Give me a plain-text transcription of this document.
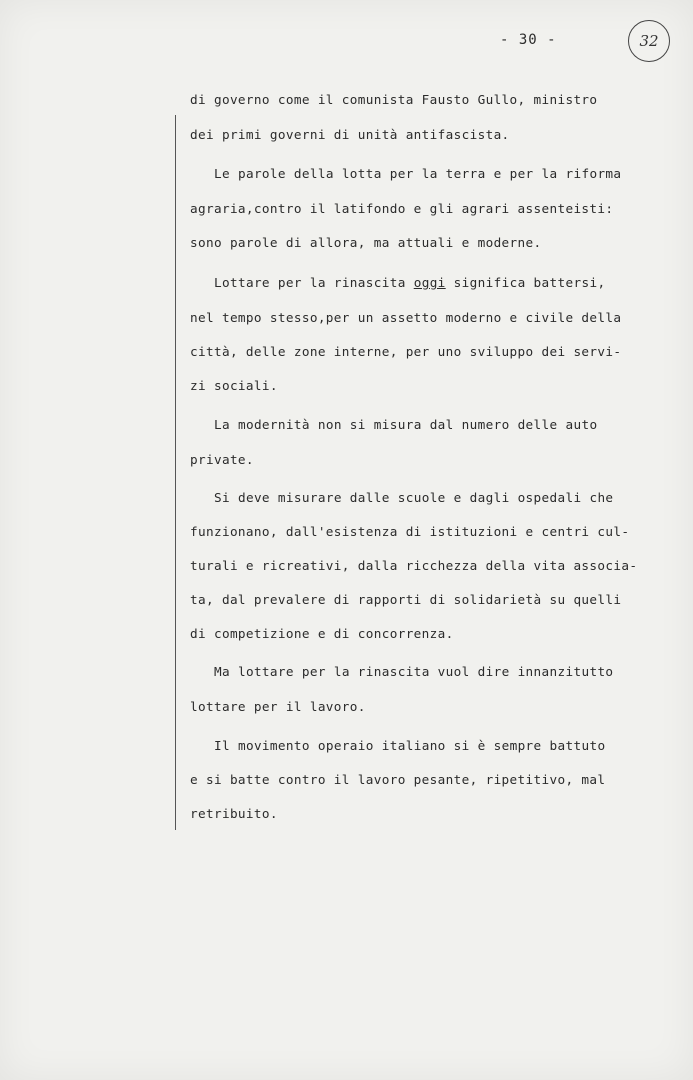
- 30 -	32
di governo come il comunista Fausto Gullo, ministro
dei primi governi di unità antifascista.
Le parole della lotta per la terra e per la riforma
agraria,contro il latifondo e gli agrari assenteisti:
sono parole di allora, ma attuali e moderne.
Lottare per la rinascita oggi significa battersi,
nel tempo stesso,per un assetto moderno e civile della
città, delle zone interne, per uno sviluppo dei servi-
zi sociali.
La modernità non si misura dal numero delle auto
private.
Si deve misurare dalle scuole e dagli ospedali che
funzionano, dall'esistenza di istituzioni e centri cul-
turali e ricreativi, dalla ricchezza della vita associa-
ta, dal prevalere di rapporti di solidarietà su quelli
di competizione e di concorrenza.
Ma lottare per la rinascita vuol dire innanzitutto
lottare per il lavoro.
Il movimento operaio italiano si è sempre battuto
e si batte contro il lavoro pesante, ripetitivo, mal
retribuito.
